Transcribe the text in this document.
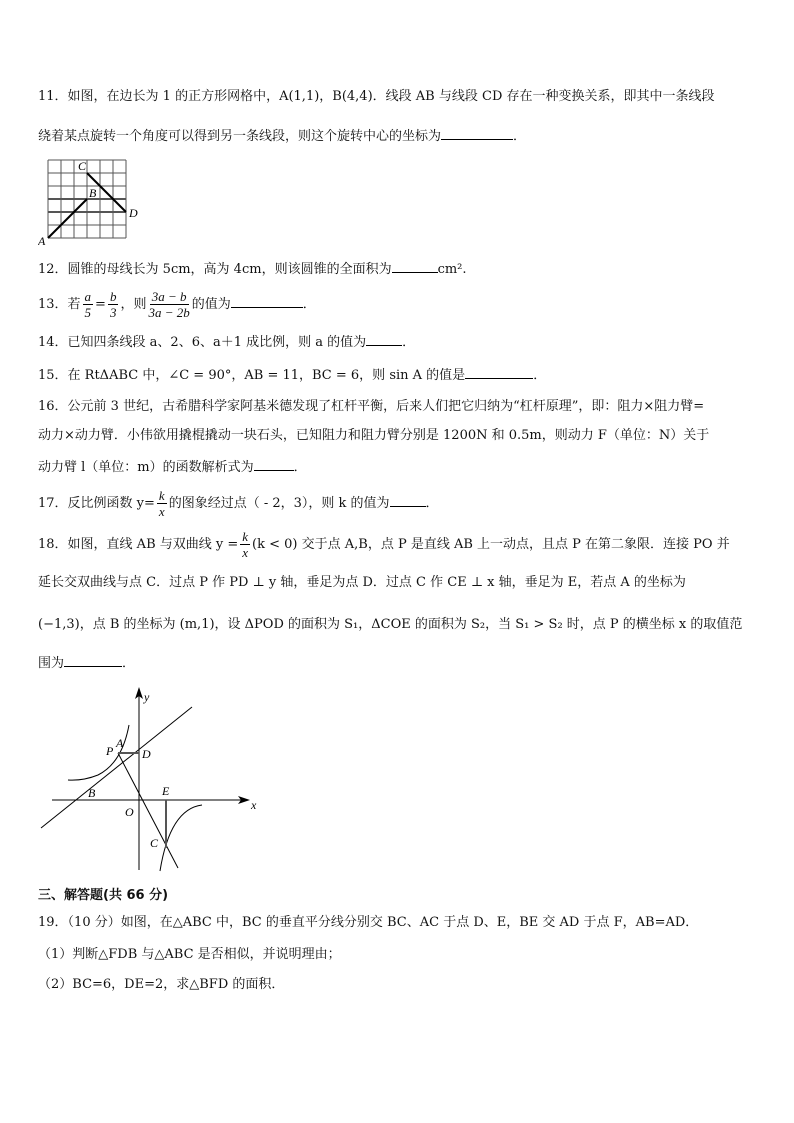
11．如图，在边长为 1 的正方形网格中，A(1,1)，B(4,4)．线段 AB 与线段 CD 存在一种变换关系，即其中一条线段
绕着某点旋转一个角度可以得到另一条线段，则这个旋转中心的坐标为	．
A
B
C
D
12．圆锥的母线长为 5cm，高为 4cm，则该圆锥的全面积为	cm².
13．若 $\frac{a}{5} = \frac{b}{3}$ ，则 $\frac{3a - b}{3a - 2b}$ 的值为	．
14．已知四条线段 a、2、6、a＋1 成比例，则 a 的值为	．
15．在 RtΔABC 中，∠C = 90°，AB = 11，BC = 6，则 sin A 的值是	．
16．公元前 3 世纪，古希腊科学家阿基米德发现了杠杆平衡，后来人们把它归纳为“杠杆原理”，即：阻力×阻力臂=
动力×动力臂．小伟欲用撬棍撬动一块石头，已知阻力和阻力臂分别是 1200N 和 0.5m，则动力 F（单位：N）关于
动力臂 l（单位：m）的函数解析式为	．
17．反比例函数 $y= \frac{k}{x}$ 的图象经过点（ - 2，3），则 k 的值为	．
18．如图，直线 AB 与双曲线 $y = \frac{k}{x} (k < 0)$ 交于点 A,B，点 P 是直线 AB 上一动点，且点 P 在第二象限．连接 PO 并
延长交双曲线与点 C．过点 P 作 PD ⊥ y 轴，垂足为点 D．过点 C 作 CE ⊥ x 轴，垂足为 E，若点 A 的坐标为
(−1,3)，点 B 的坐标为 (m,1)，设 ΔPOD 的面积为 S₁，ΔCOE 的面积为 S₂，当 S₁ > S₂ 时，点 P 的横坐标 x 的取值范
围为	．
y
x
A
P D
B
O
E
C
三、解答题(共 66 分)
19．（10 分）如图，在△ABC 中，BC 的垂直平分线分别交 BC、AC 于点 D、E，BE 交 AD 于点 F，AB=AD．
（1）判断△FDB 与△ABC 是否相似，并说明理由；
（2）BC=6，DE=2，求△BFD 的面积．
